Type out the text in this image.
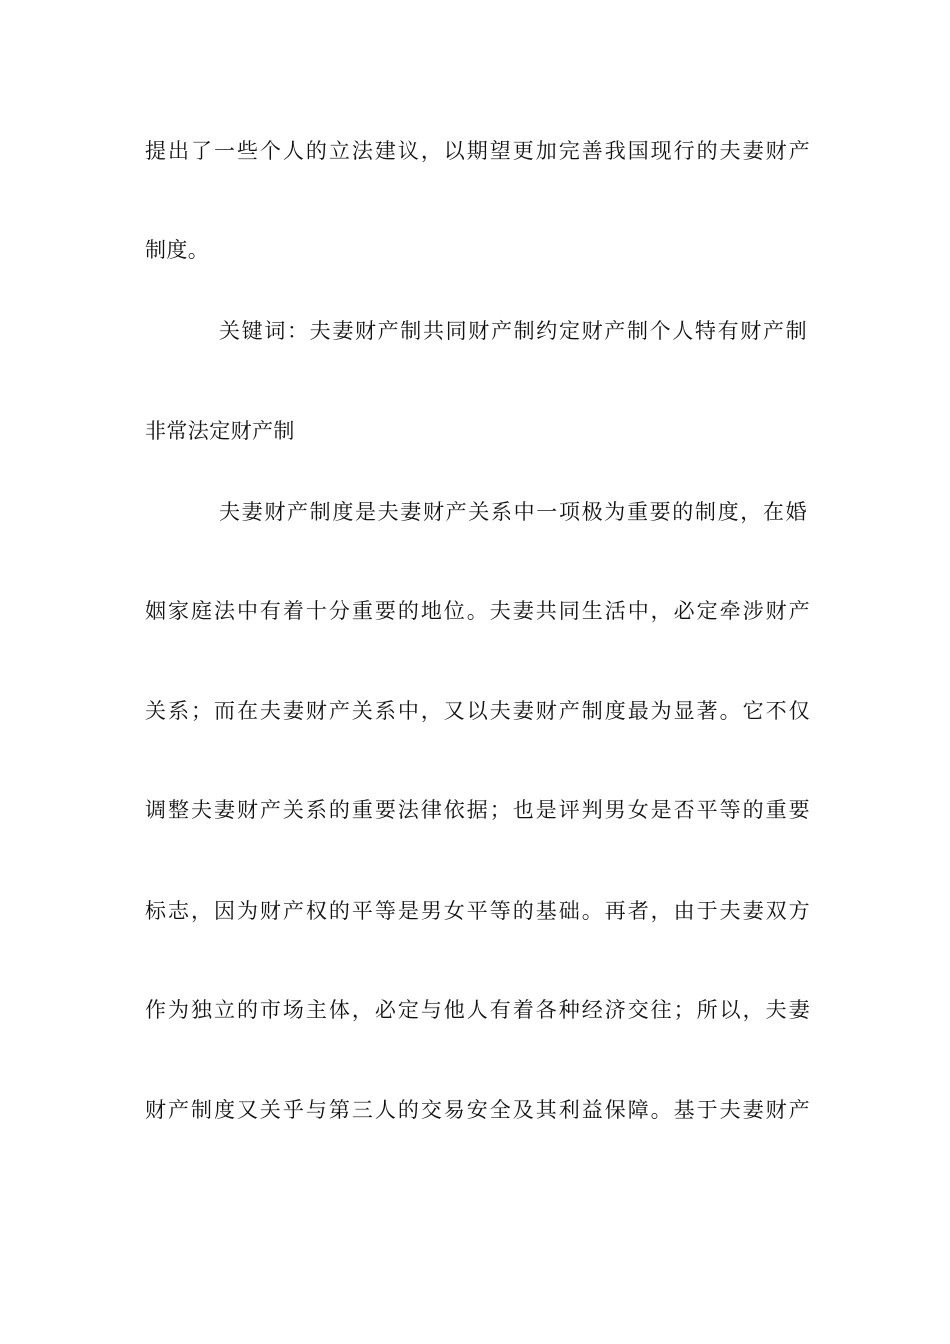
提出了一些个人的立法建议，以期望更加完善我国现行的夫妻财产
制度。
关键词：夫妻财产制共同财产制约定财产制个人特有财产制
非常法定财产制
夫妻财产制度是夫妻财产关系中一项极为重要的制度，在婚
姻家庭法中有着十分重要的地位。夫妻共同生活中，必定牵涉财产
关系；而在夫妻财产关系中，又以夫妻财产制度最为显著。它不仅
调整夫妻财产关系的重要法律依据；也是评判男女是否平等的重要
标志，因为财产权的平等是男女平等的基础。再者，由于夫妻双方
作为独立的市场主体，必定与他人有着各种经济交往；所以，夫妻
财产制度又关乎与第三人的交易安全及其利益保障。基于夫妻财产
